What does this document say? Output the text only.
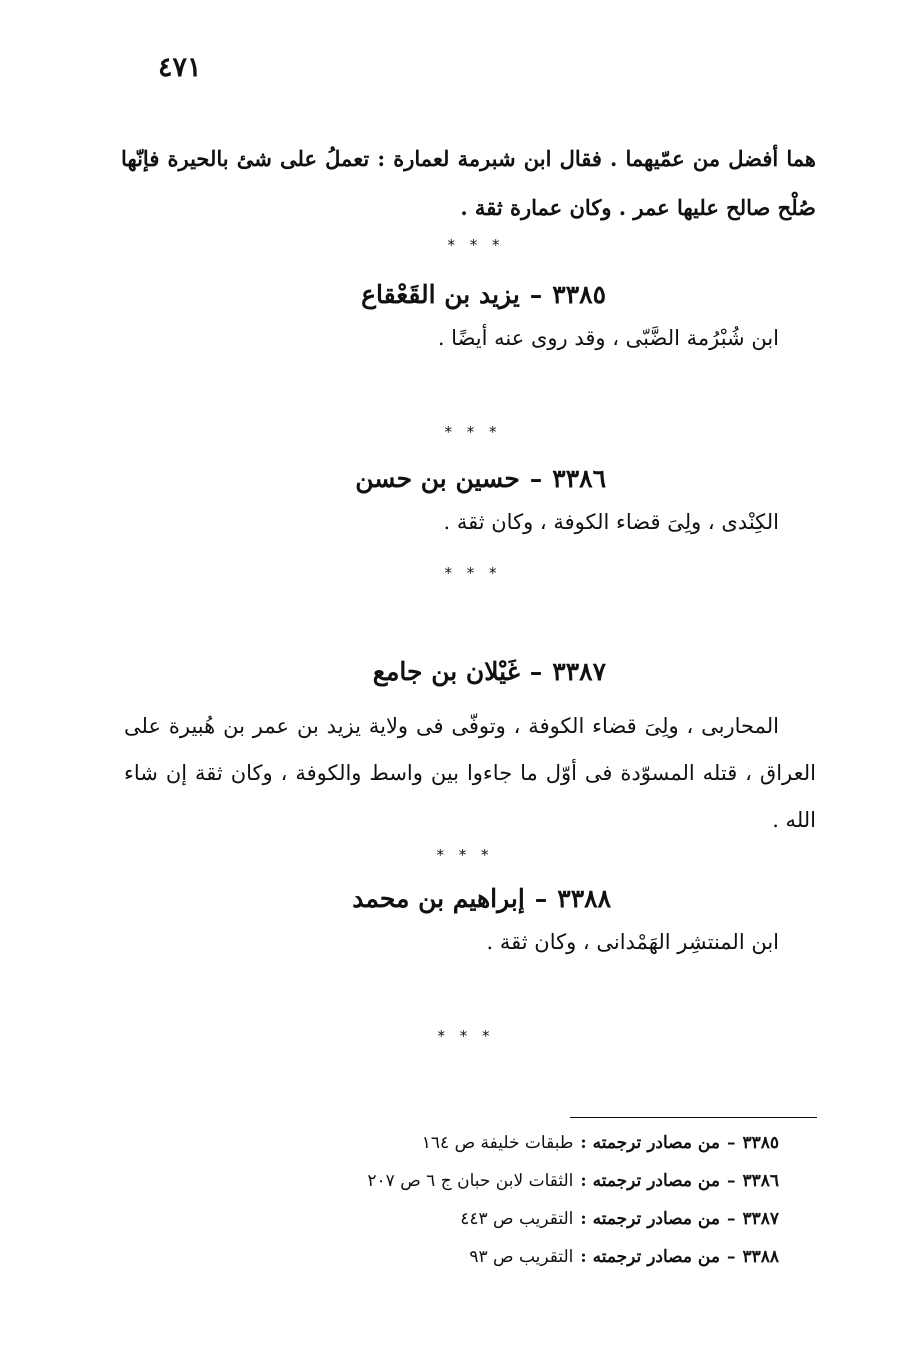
٤٧١
هما أفضل من عمّيهما . فقال ابن شبرمة لعمارة : تعملُ على شئ بالحيرة فإنّها صُلْح صالح عليها عمر . وكان عمارة ثقة .
* * *
٣٣٨٥–يزيد بن القَعْقاع
ابن شُبْرُمة الضَّبّى ، وقد روى عنه أيضًا .
* * *
٣٣٨٦–حسين بن حسن
الكِنْدى ، ولِىَ قضاء الكوفة ، وكان ثقة .
* * *
٣٣٨٧–غَيْلان بن جامع
المحاربى ، ولِىَ قضاء الكوفة ، وتوفّى فى ولاية يزيد بن عمر بن هُبيرة على العراق ، قتله المسوّدة فى أوّل ما جاءوا بين واسط والكوفة ، وكان ثقة إن شاء الله .
* * *
٣٣٨٨–إبراهيم بن محمد
ابن المنتشِر الهَمْدانى ، وكان ثقة .
* * *
٣٣٨٥–من مصادر ترجمته :طبقات خليفة ص ١٦٤
٣٣٨٦–من مصادر ترجمته :الثقات لابن حبان ج ٦ ص ٢٠٧
٣٣٨٧–من مصادر ترجمته :التقريب ص ٤٤٣
٣٣٨٨–من مصادر ترجمته :التقريب ص ٩٣
